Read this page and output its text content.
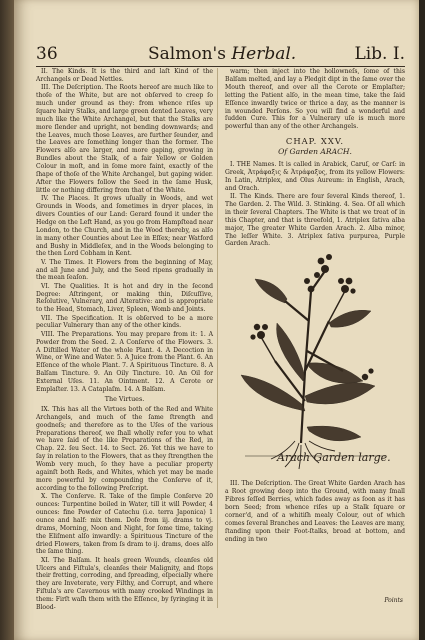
36	Salmon's Herbal.	Lib. I.

II. The Kinds. It is the third and laſt Kind of the Archangels or Dead Nettles.

III. The Deſcription. The Roots hereof are much like to thoſe of the White, but are not obſerved to creep ſo much under ground as they: from whence riſes up ſquare hairy Stalks, and large green dented Leaves, very much like the White Archangel, but that the Stalks are more ſlender and upright, not bending downwards; and the Leaves, much those Leaves, are further ſeunder, and the Leaves are ſomething longer than the former. The Flowers alſo are larger, and more gaping, growing in Bundles about the Stalk, of a fair Yellow or Golden Colour in moſt, and in ſome more faint, exactly of the ſhape of thoſe of the White Archangel, but gaping wider. After the Flowers follow the Seed in the ſame Husk, little or nothing differing from that of the White.

IV. The Places. It grows uſually in Woods, and wet Grounds in Woods, and ſometimes in dryer places, in divers Counties of our Land: Gerard found it under the Hedge on the Left Hand, as you go from Hampſtead near London, to the Church, and in the Wood thereby, as alſo in many other Counties about Lee in Eſſex; near Watford and Bushy in Middleſex, and in the Woods belonging to the then Lord Cobham in Kent.

V. The Times. It Flowers from the beginning of May, and all June and July, and the Seed ripens gradually in the mean ſeaſon.

VI. The Qualities. It is hot and dry in the ſecond Degree: Aſtringent, or making thin, Diſcuſſive, Reſolutive, Vulnerary, and Alterative: and is appropriate to the Head, Stomach, Liver, Spleen, Womb and Joints.

VII. The Specification. It is obſerved to be a more peculiar Vulnerary than any of the other kinds.

VIII. The Preparations. You may prepare from it: 1. A Powder from the Seed. 2. A Conſerve of the Flowers. 3. A Diſtilled Water of the whole Plant. 4. A Decoction in Wine, or Wine and Water. 5. A Juice from the Plant. 6. An Eſſence of the whole Plant. 7. A Spirituous Tincture. 8. A Balſam Tincture. 9. An Oily Tincture. 10. An Oil for External Uſes. 11. An Ointment. 12. A Cerote or Emplaſter. 13. A Cataplaſm. 14. A Balſam.

The Virtues.

IX. This has all the Virtues both of the Red and White Archangels, and much of the ſame ſtrength and goodneſs; and therefore as to the Uſes of the various Preparations thereof, we ſhall wholly refer you to what we have ſaid of the like Preparations of the Red, in Chap. 22. ſeu Sect. 14. to Sect. 26. Yet this we have to ſay in relation to the Flowers, that as they ſtrengthen the Womb very much, ſo they have a peculiar property againſt both Reds, and Whites, which yet may be made more powerful by compounding the Conſerve of it, according to the following Preſcript.

X. The Conſerve. R. Take of the ſimple Conſerve 20 ounces: Turpentine boiled in Water, till it will Powder, 4 ounces: fine Powder of Catechu (i.e. terra Japonica) 1 ounce and half: mix them. Doſe from iij. drams to vj. drams, Morning, Noon and Night, for ſome time, taking the Eliſment alſo inwardly: a Spirituous Tincture of the dried Flowers, taken from ſs dram to ij. drams, does alſo the ſame thing.

XI. The Balſam. It heals green Wounds, cleanſes old Ulcers and Fiſtula's, cleanſes their Malignity, and ſtops their fretting, corroding, and ſpreading, eſpecially where they are Inveterate, very Filthy, and Corrupt, and where Fiſtula's are Cavernous with many crooked Windings in them: Firſt waſh them with the Eſſence, by ſyringing it in Blood-

warm; then inject into the hollowneſs, ſome of this Balſam melted, and lay a Pledgit dipt in the ſame over the Mouth thereof, and over all the Cerote or Emplaſter; letting the Patient alſo, in the mean time, take the ſaid Eſſence inwardly twice or thrice a day, as the manner is in wounded Perſons. So you will find a wonderful and ſudden Cure. This for a Vulnerary uſe is much more powerful than any of the other Archangels.

CHAP. XXV.
Of Garden ARACH.

I. THE Names. It is called in Arabick, Caruſ, or Carſ: in Greek, Ἀτράφαξις & Ἀτράφαξυς, from its yellow Flowers: In Latin, Atriplex, and Olus Aureum: in English, Arach, and Orach.

II. The Kinds. There are four ſeveral Kinds thereof, 1. The Garden. 2. The Wild. 3. Stinking. 4. Sea. Of all which in their ſeveral Chapters. The White is that we treat of in this Chapter, and that is threefold, 1. Atriplex ſativa alba major, The greater White Garden Arach. 2. Alba minor, The leſſer White. 3. Atriplex ſativa purpurea, Purple Garden Arach.

Arach Garden large.

III. The Deſcription. The Great White Garden Arach has a Root growing deep into the Ground, with many ſmall Fibres ſeſſed Berries, which fades away as ſoon as it has born Seed; from whence riſes up a Stalk ſquare or corner'd, and of a whitiſh mealy Colour, out of which comes ſeveral Branches and Leaves: the Leaves are many, ſtanding upon their Foot-ſtalks, broad at bottom, and ending in two

Points
